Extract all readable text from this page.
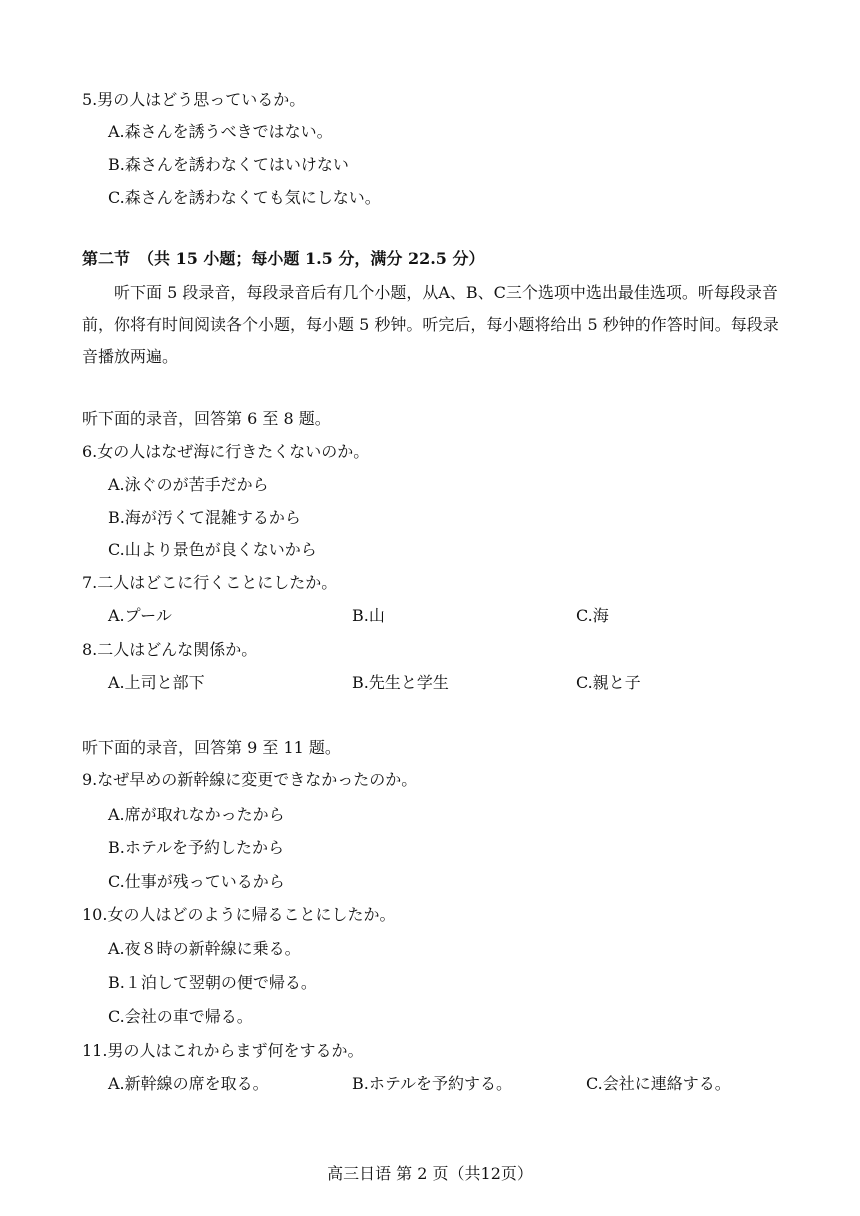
5.男の人はどう思っているか。
A.森さんを誘うべきではない。
B.森さんを誘わなくてはいけない
C.森さんを誘わなくても気にしない。
第二节　（共 15 小题；每小题 1.5 分，满分 22.5 分）
听下面 5 段录音，每段录音后有几个小题，从A、B、C三个选项中选出最佳选项。听每段录音前，你将有时间阅读各个小题，每小题 5 秒钟。听完后，每小题将给出 5 秒钟的作答时间。每段录音播放两遍。
听下面的录音，回答第 6 至 8 题。
6.女の人はなぜ海に行きたくないのか。
A.泳ぐのが苦手だから
B.海が汚くて混雑するから
C.山より景色が良くないから
7.二人はどこに行くことにしたか。
A.プール	B.山	C.海
8.二人はどんな関係か。
A.上司と部下	B.先生と学生	C.親と子
听下面的录音，回答第 9 至 11 题。
9.なぜ早めの新幹線に変更できなかったのか。
A.席が取れなかったから
B.ホテルを予約したから
C.仕事が残っているから
10.女の人はどのように帰ることにしたか。
A.夜８時の新幹線に乗る。
B.１泊して翌朝の便で帰る。
C.会社の車で帰る。
11.男の人はこれからまず何をするか。
A.新幹線の席を取る。	B.ホテルを予約する。	C.会社に連絡する。
高三日语 第 2 页（共12页）
